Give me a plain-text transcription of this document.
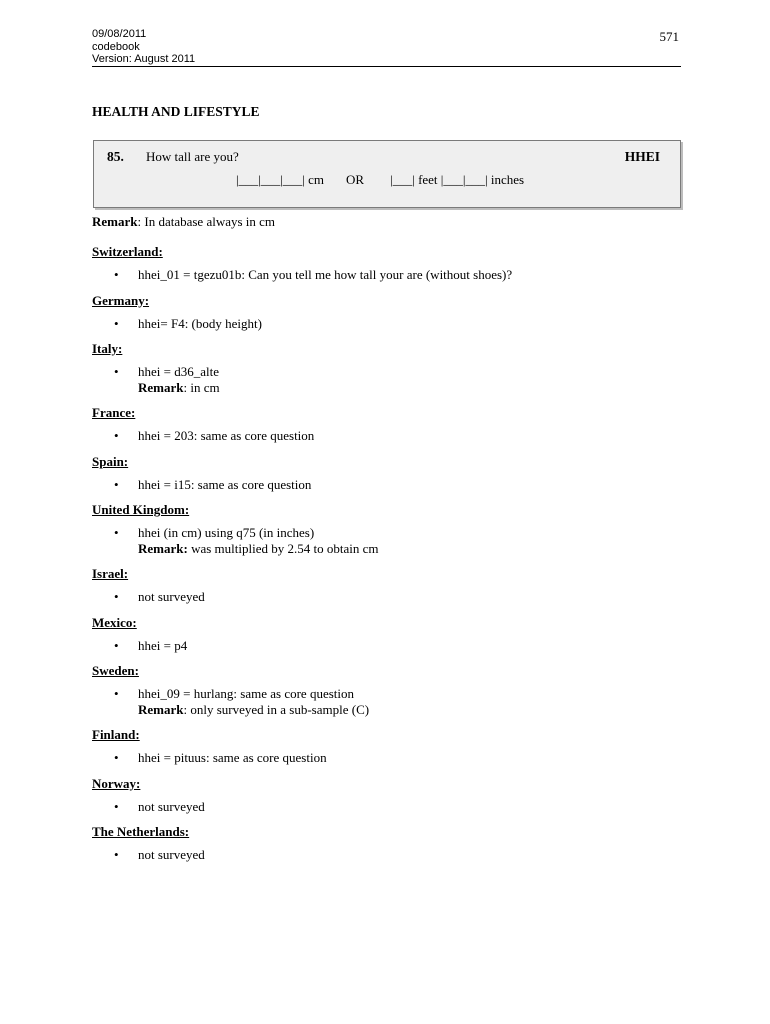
09/08/2011
codebook
Version: August 2011
571
HEALTH AND LIFESTYLE
85. How tall are you?	HHEI
|___|___|___| cm OR |___| feet |___|___| inches
Remark: In database always in cm
Switzerland:
• hhei_01 = tgezu01b: Can you tell me how tall your are (without shoes)?
Germany:
• hhei= F4: (body height)
Italy:
• hhei = d36_alte
Remark: in cm
France:
• hhei = 203: same as core question
Spain:
• hhei = i15: same as core question
United Kingdom:
• hhei (in cm) using q75 (in inches)
Remark: was multiplied by 2.54 to obtain cm
Israel:
• not surveyed
Mexico:
• hhei = p4
Sweden:
• hhei_09 = hurlang: same as core question
Remark: only surveyed in a sub-sample (C)
Finland:
• hhei = pituus: same as core question
Norway:
• not surveyed
The Netherlands:
• not surveyed
